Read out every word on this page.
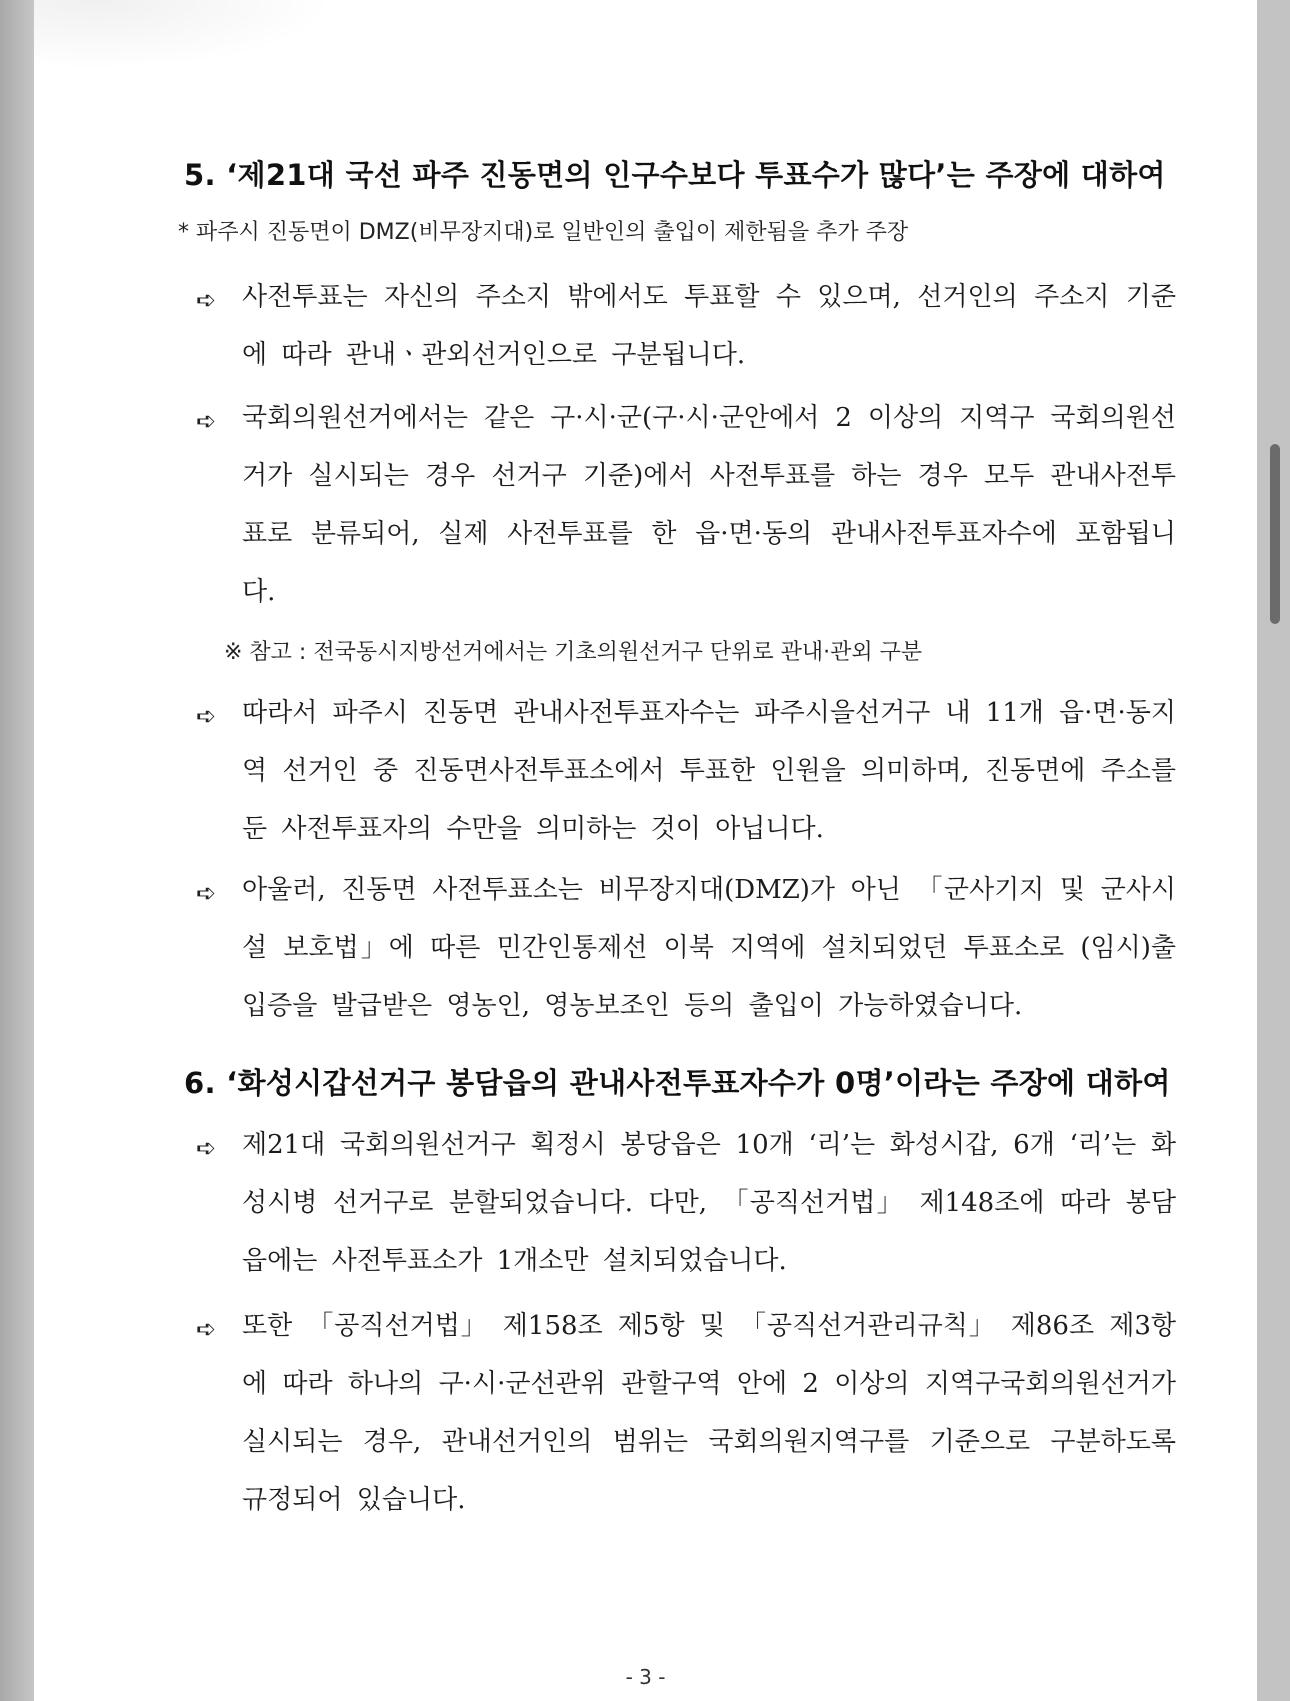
5. ‘제21대 국선 파주 진동면의 인구수보다 투표수가 많다’는 주장에 대하여
* 파주시 진동면이 DMZ(비무장지대)로 일반인의 출입이 제한됨을 추가 주장
➪ 사전투표는 자신의 주소지 밖에서도 투표할 수 있으며, 선거인의 주소지 기준에 따라 관내ㆍ관외선거인으로 구분됩니다.
➪ 국회의원선거에서는 같은 구·시·군(구·시·군안에서 2 이상의 지역구 국회의원선거가 실시되는 경우 선거구 기준)에서 사전투표를 하는 경우 모두 관내사전투표로 분류되어, 실제 사전투표를 한 읍·면·동의 관내사전투표자수에 포함됩니다.
※ 참고 : 전국동시지방선거에서는 기초의원선거구 단위로 관내·관외 구분
➪ 따라서 파주시 진동면 관내사전투표자수는 파주시을선거구 내 11개 읍·면·동지역 선거인 중 진동면사전투표소에서 투표한 인원을 의미하며, 진동면에 주소를 둔 사전투표자의 수만을 의미하는 것이 아닙니다.
➪ 아울러, 진동면 사전투표소는 비무장지대(DMZ)가 아닌 「군사기지 및 군사시설 보호법」에 따른 민간인통제선 이북 지역에 설치되었던 투표소로 (임시)출입증을 발급받은 영농인, 영농보조인 등의 출입이 가능하였습니다.
6. ‘화성시갑선거구 봉담읍의 관내사전투표자수가 0명’이라는 주장에 대하여
➪ 제21대 국회의원선거구 획정시 봉당읍은 10개 ‘리’는 화성시갑, 6개 ‘리’는 화성시병 선거구로 분할되었습니다. 다만, 「공직선거법」 제148조에 따라 봉담읍에는 사전투표소가 1개소만 설치되었습니다.
➪ 또한 「공직선거법」 제158조 제5항 및 「공직선거관리규칙」 제86조 제3항에 따라 하나의 구·시·군선관위 관할구역 안에 2 이상의 지역구국회의원선거가 실시되는 경우, 관내선거인의 범위는 국회의원지역구를 기준으로 구분하도록 규정되어 있습니다.
- 3 -
